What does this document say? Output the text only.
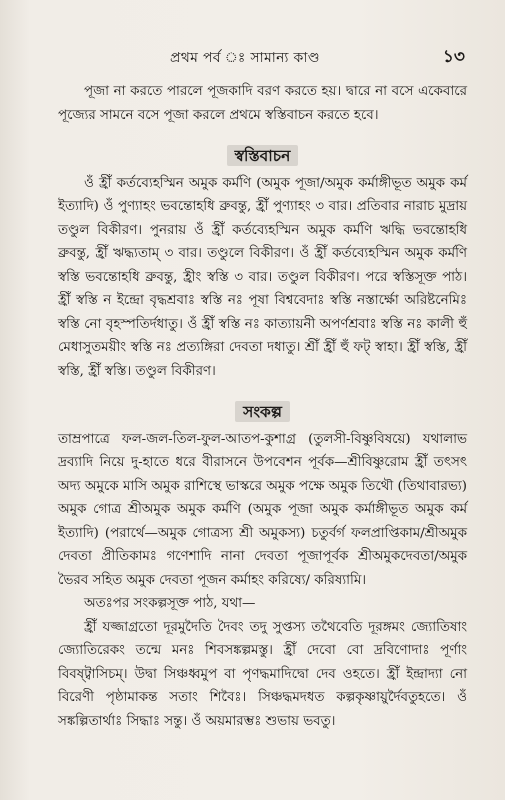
প্রথম পর্ব ঃ সামান্য কাণ্ড	১৩

পূজা না করতে পারলে পূজকাদি বরণ করতে হয়। দ্বারে না বসে একেবারে পূজ্যের সামনে বসে পূজা করলে প্রথমে স্বস্তিবাচন করতে হবে।

স্বস্তিবাচন

ওঁ হ্রীঁ কর্তব্যেহস্মিন অমুক কর্মণি (অমুক পূজা/অমুক কর্মাঙ্গীভূত অমুক কর্ম ইত্যাদি) ওঁ পুণ্যাহং ভবন্তোহধি ব্রুবন্তু, হ্রীঁ পুণ্যাহং ৩ বার। প্রতিবার নারাচ মুদ্রায় তণ্ডুল বিকীরণ। পুনরায় ওঁ হ্রীঁ কর্তব্যেহস্মিন অমুক কর্মণি ঋদ্ধি ভবন্তোহধি ব্রুবন্তু, হ্রীঁ ঋদ্ধ্যতাম্ ৩ বার। তণ্ডুলে বিকীরণ। ওঁ হ্রীঁ কর্তব্যেহস্মিন অমুক কর্মণি স্বস্তি ভবন্তোহধি ব্রুবন্তু, হ্রীং স্বস্তি ৩ বার। তণ্ডুল বিকীরণ। পরে স্বস্তিসূক্ত পাঠ। হ্রীঁ স্বস্তি ন ইন্দ্রো বৃদ্ধশ্রবাঃ স্বস্তি নঃ পূষা বিশ্ববেদাঃ স্বস্তি নস্তার্ক্ষো অরিষ্টনেমিঃ স্বস্তি নো বৃহস্পতির্দধাতু। ওঁ হ্রীঁ স্বস্তি নঃ কাত্যায়নী অপর্ণশ্রবাঃ স্বস্তি নঃ কালী হুঁ মেধাসুতময়ীং স্বস্তি নঃ প্রত্যঙ্গিরা দেবতা দধাতু। শ্রীঁ হ্রীঁ হুঁ ফট্ স্বাহা। হ্রীঁ স্বস্তি, হ্রীঁ স্বস্তি, হ্রীঁ স্বস্তি। তণ্ডুল বিকীরণ।

সংকল্প

তাম্রপাত্রে ফল-জল-তিল-ফুল-আতপ-কুশাগ্র (তুলসী-বিষ্ণুবিষয়ে) যথালাভ দ্রব্যাদি নিয়ে দু-হাতে ধরে বীরাসনে উপবেশন পূর্বক—শ্রীবিষ্ণুরোম হ্রীঁ তৎসৎ অদ্য অমুকে মাসি অমুক রাশিস্থে ভাস্করে অমুক পক্ষে অমুক তিথৌ (তিথাবারভ্য) অমুক গোত্র শ্রীঅমুক অমুক কর্মণি (অমুক পূজা অমুক কর্মাঙ্গীভূত অমুক কর্ম ইত্যাদি) (পরার্থে—অমুক গোত্রস্য শ্রী অমুকস্য) চতুর্বর্গ ফলপ্রাপ্তিকাম/শ্রীঅমুক দেবতা প্রীতিকামঃ গণেশাদি নানা দেবতা পূজাপূর্বক শ্রীঅমুকদেবতা/অমুক ভৈরব সহিত অমুক দেবতা পূজন কর্মাহং করিষ্যে/ করিষ্যামি।

অতঃপর সংকল্পসূক্ত পাঠ, যথা—

হ্রীঁ যজ্জাগ্রতো দূরমুদৈতি দৈবং তদু সুপ্তস্য তথৈবেতি দূরঙ্গমং জ্যোতিষাং জ্যোতিরেকং তন্মে মনঃ শিবসঙ্কল্পমস্তু। হ্রীঁ দেবো বো দ্রবিণোদাঃ পূর্ণাং বিবষ্ট্বাসিচম্। উদ্বা সিঞ্চধ্বমুপ বা পৃণদ্ধমাদিদ্বো দেব ওহতে। হ্রীঁ ইন্দ্রাদ্যা নো বিরেণী পৃষ্ঠামাকন্ত সতাং শিবৈঃ। সিঞ্চদ্ধমদধত কল্পকৃষ্ণায়ুর্দৈবতুহতে। ওঁ সঙ্কল্পিতার্থাঃ সিদ্ধাঃ সন্তু। ওঁ অয়মারম্ভঃ শুভায় ভবতু।
